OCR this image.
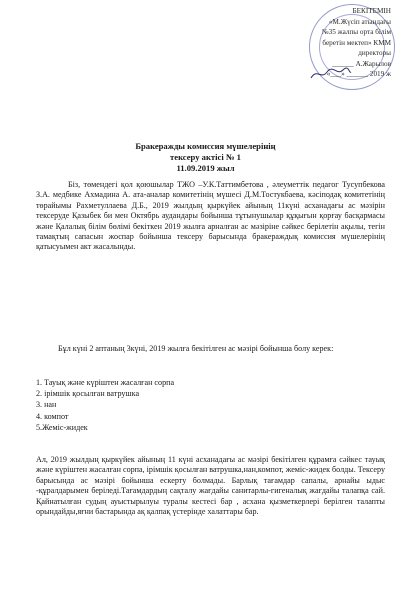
БЕКІТЕМІН
«М.Жүсіп атындағы
№35 жалпы орта білім
беретін мектеп» КММ
директоры
______ А.Жарылов
«___» ______ 2019 ж
Бракеражды комиссия мүшелерінің
тексеру актісі № 1
11.09.2019 жыл
Біз, төмендегі қол қоюшылар ТЖО –У.К.Таттимбетова , әлеуметтік педагог Тусупбекова З.А. медбике Ахмадина А. ата-аналар комитетінің мүшесі Д.М.Тостукбаева, кәсіподақ комитетінің төрайымы Рахметуллаева Д.Б., 2019 жылдың қыркүйек айының 11күні асханадағы ас мәзірін тексеруде Қазыбек би мен Октябрь аудандары бойынша тұтынушылар құқығын қорғау басқармасы және Қалалық білім бөлімі бекіткен 2019 жылға арналған ас мәзіріне сәйкес берілетін ақылы, тегін тамақтың сапасын жоспар бойынша тексеру барысында бракераждық комиссия мүшелерінің қатысуымен акт жасалынды.
Бұл күні 2 аптаның 3күні, 2019 жылға бекітілген ас мәзірі бойынша болу керек:
1. Тауық және күріштен жасалған сорпа
2. ірімшік қосылған ватрушка
3. нан
4. компот
5.Жеміс-жидек
Ал, 2019 жылдың қыркүйек айының 11 күні асханадағы ас мәзірі бекітілген құрамға сәйкес тауық және күріштен жасалған сорпа, ірімшік қосылған ватрушка,нан,компот, жеміс-жидек болды. Тексеру барысында ас мәзірі бойынша ескерту болмады. Барлық тағамдар сапалы, арнайы ыдыс -құралдарымен беріледі.Тағамдардың сақталу жағдайы санитарлы-гигеналық жағдайы талапқа сай. Қайнатылған судың ауыстырылуы туралы кестесі бар , асхана қызметкерлері берілген талапты орындайды,яғни бастарында ақ қалпақ үстерінде халаттары бар.
